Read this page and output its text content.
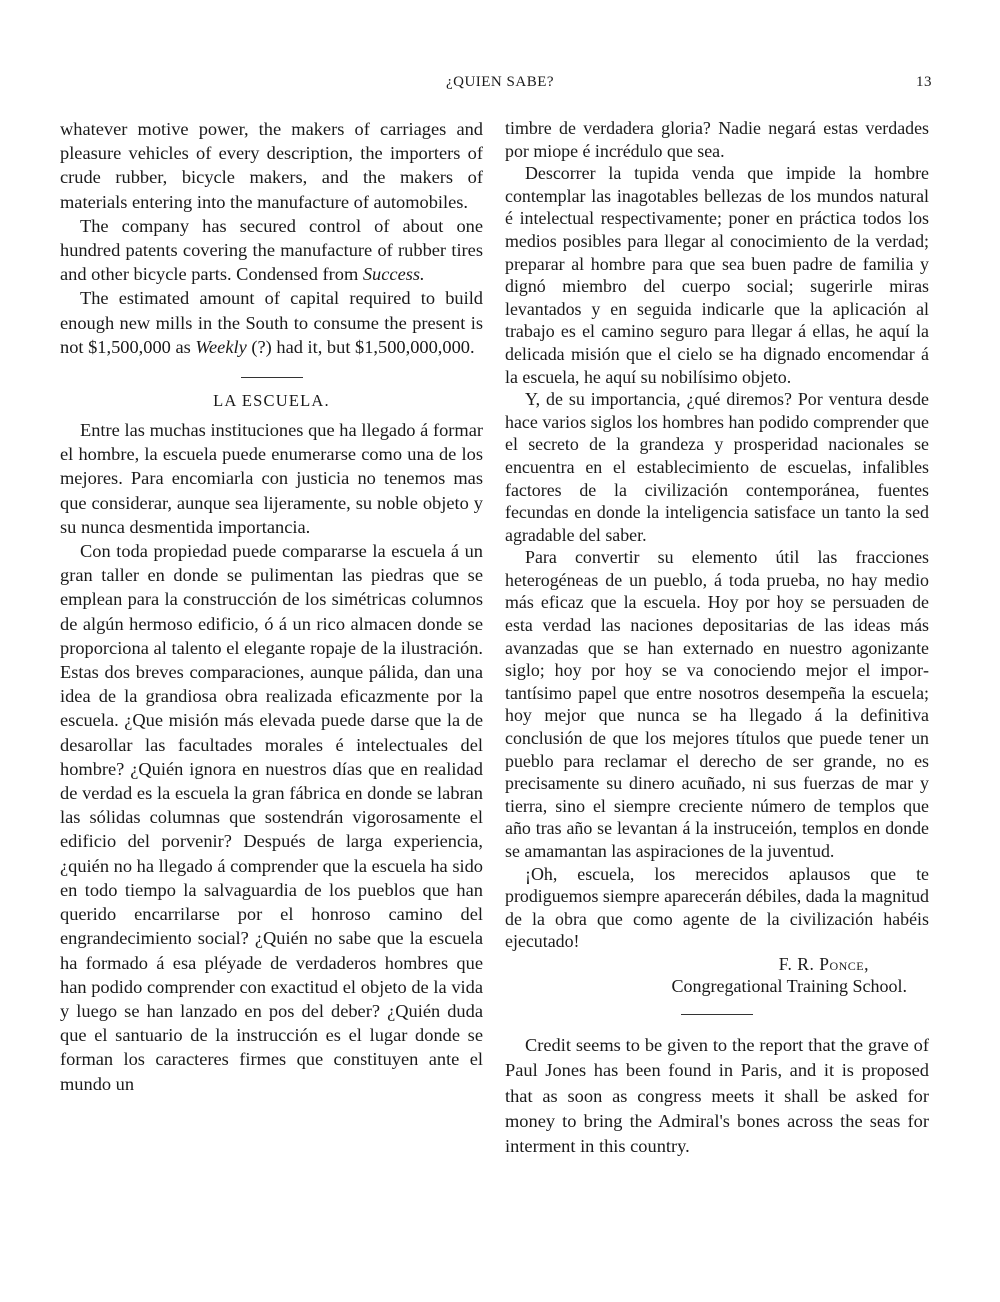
¿QUIEN SABE?	13

whatever motive power, the makers of carriages and pleasure vehicles of every description, the importers of crude rubber, bicycle makers, and the makers of materials entering into the manufacture of automobiles.

The company has secured control of about one hundred patents covering the manufacture of rubber tires and other bicycle parts. Condensed from Success.

The estimated amount of capital required to build enough new mills in the South to consume the present is not $1,500,000 as Weekly (?) had it, but $1,500,000,000.

LA ESCUELA.

Entre las muchas instituciones que ha llegado á formar el hombre, la escuela puede enumerarse como una de los mejores. Para encomiarla con justicia no tenemos mas que considerar, aunque sea lijeramente, su noble objeto y su nunca desmentida importancia.

Con toda propiedad puede compararse la escuela á un gran taller en donde se pulimentan las piedras que se emplean para la construcción de los simétricas columnos de algún hermoso edificio, ó á un rico almacen donde se proporciona al talento el elegante ropaje de la ilustración. Estas dos breves comparaciones, aunque pálida, dan una idea de la grandiosa obra realizada eficazmente por la escuela. ¿Que misión más elevada puede darse que la de desarollar las facultades morales é intelectuales del hombre? ¿Quién ignora en nuestros días que en realidad de verdad es la escuela la gran fábrica en donde se labran las sólidas columnas que sostendrán vigorosamente el edificio del porvenir? Después de larga experiencia, ¿quién no ha llegado á comprender que la escuela ha sido en todo tiempo la salvaguardia de los pueblos que han querido encarrilarse por el honroso camino del engrandecimiento social? ¿Quién no sabe que la escuela ha formado á esa pléyade de verdaderos hombres que han podido comprender con exactitud el objeto de la vida y luego se han lanzado en pos del deber? ¿Quién duda que el santuario de la instrucción es el lugar donde se forman los caracteres firmes que constituyen ante el mundo un

timbre de verdadera gloria? Nadie negará estas verdades por miope é incrédulo que sea.

Descorrer la tupida venda que impide la hombre contemplar las inagotables bellezas de los mundos natural é intelectual respectivamente; poner en práctica todos los medios posibles para llegar al conocimiento de la verdad; preparar al hombre para que sea buen padre de familia y dignó miembro del cuerpo social; sugerirle miras levantados y en seguida indicarle que la aplicación al trabajo es el camino seguro para llegar á ellas, he aquí la delicada misión que el cielo se ha dignado encomendar á la escuela, he aquí su nobilísimo objeto.

Y, de su importancia, ¿qué diremos? Por ventura desde hace varios siglos los hombres han podido comprender que el secreto de la grandeza y prosperidad nacionales se encuentra en el establecimiento de escuelas, infalibles factores de la civilización contemporánea, fuentes fecundas en donde la inteligencia satisface un tanto la sed agradable del saber.

Para convertir su elemento útil las fracciones heterogéneas de un pueblo, á toda prueba, no hay medio más eficaz que la escuela. Hoy por hoy se persuaden de esta verdad las naciones depositarias de las ideas más avanzadas que se han externado en nuestro agonizante siglo; hoy por hoy se va conociendo mejor el importantísimo papel que entre nosotros desempeña la escuela; hoy mejor que nunca se ha llegado á la definitiva conclusión de que los mejores títulos que puede tener un pueblo para reclamar el derecho de ser grande, no es precisamente su dinero acuñado, ni sus fuerzas de mar y tierra, sino el siempre creciente número de templos que año tras año se levantan á la instruceión, templos en donde se amamantan las aspiraciones de la juventud.

¡Oh, escuela, los merecidos aplausos que te prodiguemos siempre aparecerán débiles, dada la magnitud de la obra que como agente de la civilización habéis ejecutado!

F. R. Ponce,
Congregational Training School.

Credit seems to be given to the report that the grave of Paul Jones has been found in Paris, and it is proposed that as soon as congress meets it shall be asked for money to bring the Admiral's bones across the seas for interment in this country.
